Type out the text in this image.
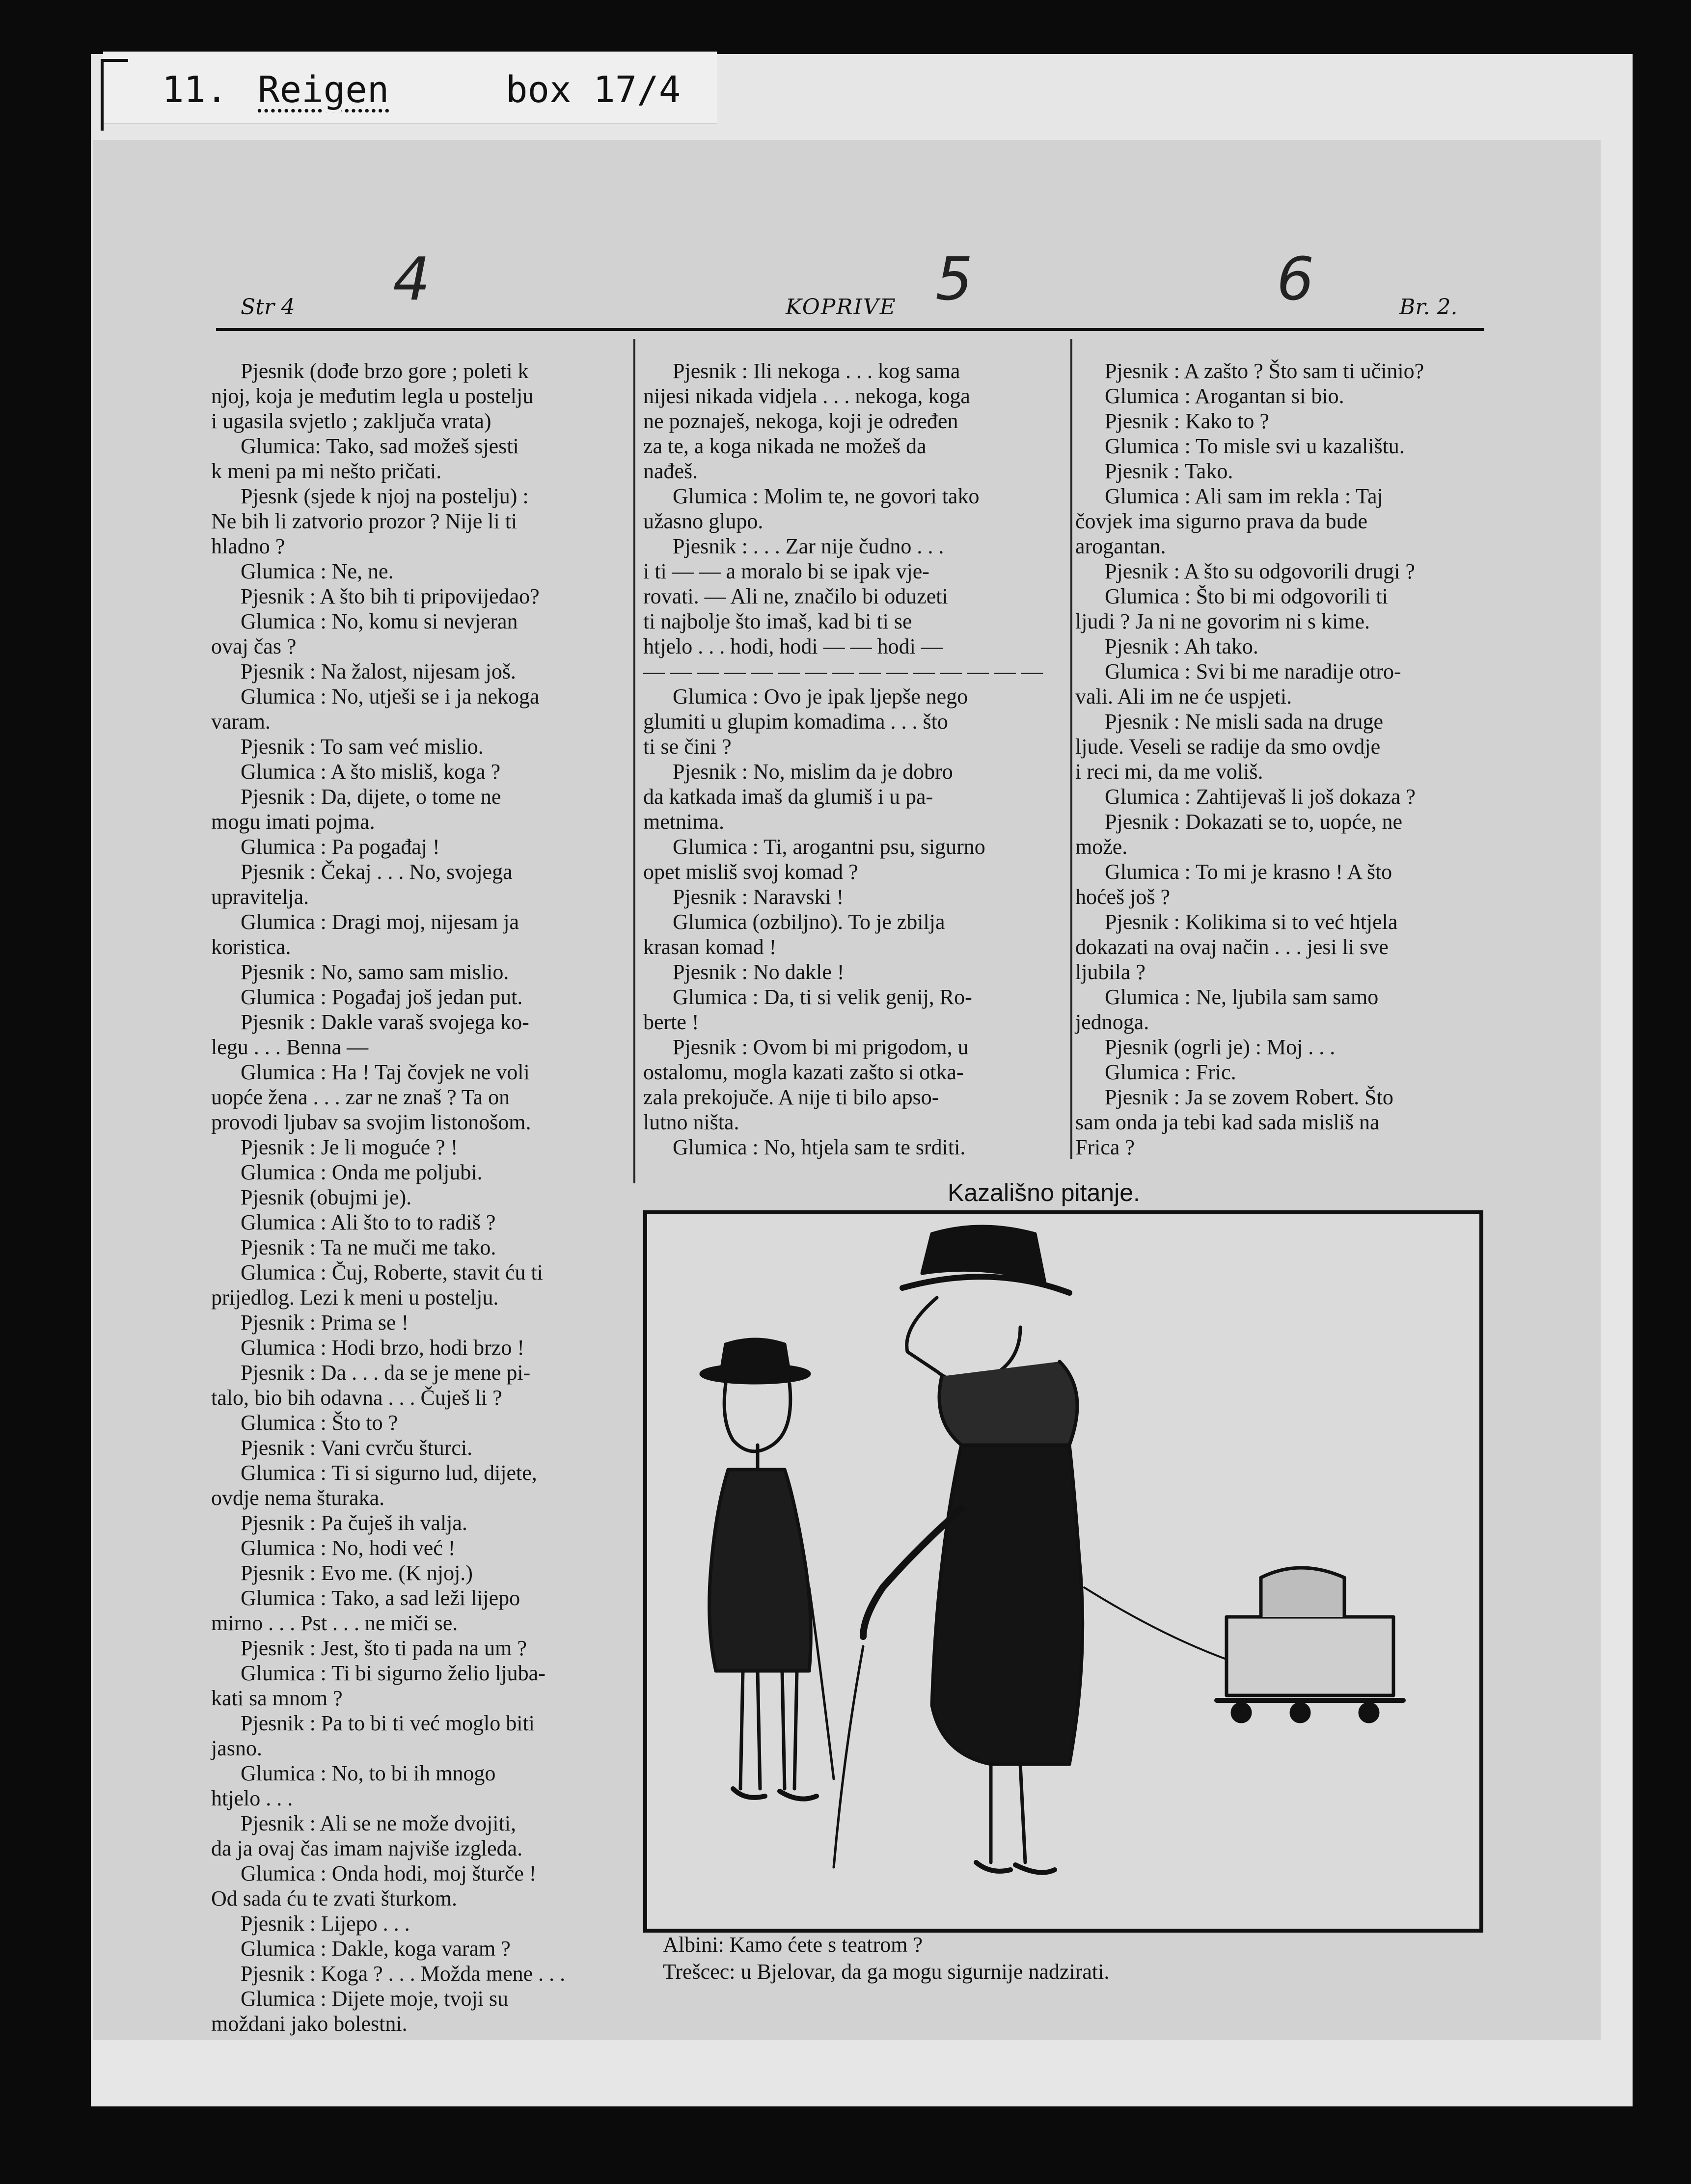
11. Reigen	box 17/4
4	5	6
Str 4	KOPRIVE	Br. 2.
Pjesnik (dođe brzo gore ; poleti k
njoj, koja je međutim legla u postelju
i ugasila svjetlo ; zaključa vrata)
Glumica: Tako, sad možeš sjesti
k meni pa mi nešto pričati.
Pjesnk (sjede k njoj na postelju) :
Ne bih li zatvorio prozor ? Nije li ti
hladno ?
Glumica : Ne, ne.
Pjesnik : A što bih ti pripovijedao?
Glumica : No, komu si nevjeran
ovaj čas ?
Pjesnik : Na žalost, nijesam još.
Glumica : No, utješi se i ja nekoga
varam.
Pjesnik : To sam već mislio.
Glumica : A što misliš, koga ?
Pjesnik : Da, dijete, o tome ne
mogu imati pojma.
Glumica : Pa pogađaj !
Pjesnik : Čekaj . . . No, svojega
upravitelja.
Glumica : Dragi moj, nijesam ja
koristica.
Pjesnik : No, samo sam mislio.
Glumica : Pogađaj još jedan put.
Pjesnik : Dakle varaš svojega ko-
legu . . . Benna —
Glumica : Ha ! Taj čovjek ne voli
uopće žena . . . zar ne znaš ? Ta on
provodi ljubav sa svojim listonošom.
Pjesnik : Je li moguće ? !
Glumica : Onda me poljubi.
Pjesnik (obujmi je).
Glumica : Ali što to to radiš ?
Pjesnik : Ta ne muči me tako.
Glumica : Čuj, Roberte, stavit ću ti
prijedlog. Lezi k meni u postelju.
Pjesnik : Prima se !
Glumica : Hodi brzo, hodi brzo !
Pjesnik : Da . . . da se je mene pi-
talo, bio bih odavna . . . Čuješ li ?
Glumica : Što to ?
Pjesnik : Vani cvrču šturci.
Glumica : Ti si sigurno lud, dijete,
ovdje nema šturaka.
Pjesnik : Pa čuješ ih valja.
Glumica : No, hodi već !
Pjesnik : Evo me. (K njoj.)
Glumica : Tako, a sad leži lijepo
mirno . . . Pst . . . ne miči se.
Pjesnik : Jest, što ti pada na um ?
Glumica : Ti bi sigurno želio ljuba-
kati sa mnom ?
Pjesnik : Pa to bi ti već moglo biti
jasno.
Glumica : No, to bi ih mnogo
htjelo . . .
Pjesnik : Ali se ne može dvojiti,
da ja ovaj čas imam najviše izgleda.
Glumica : Onda hodi, moj šturče !
Od sada ću te zvati šturkom.
Pjesnik : Lijepo . . .
Glumica : Dakle, koga varam ?
Pjesnik : Koga ? . . . Možda mene . . .
Glumica : Dijete moje, tvoji su
moždani jako bolestni.
Pjesnik : Ili nekoga . . . kog sama
nijesi nikada vidjela . . . nekoga, koga
ne poznaješ, nekoga, koji je određen
za te, a koga nikada ne možeš da
nađeš.
Glumica : Molim te, ne govori tako
užasno glupo.
Pjesnik : . . . Zar nije čudno . . .
i ti — — a moralo bi se ipak vje-
rovati. — Ali ne, značilo bi oduzeti
ti najbolje što imaš, kad bi ti se
htjelo . . . hodi, hodi — — hodi —
— — — — — — — — — — — — — — —
Glumica : Ovo je ipak ljepše nego
glumiti u glupim komadima . . . što
ti se čini ?
Pjesnik : No, mislim da je dobro
da katkada imaš da glumiš i u pa-
metnima.
Glumica : Ti, arogantni psu, sigurno
opet misliš svoj komad ?
Pjesnik : Naravski !
Glumica (ozbiljno). To je zbilja
krasan komad !
Pjesnik : No dakle !
Glumica : Da, ti si velik genij, Ro-
berte !
Pjesnik : Ovom bi mi prigodom, u
ostalomu, mogla kazati zašto si otka-
zala prekojuče. A nije ti bilo apso-
lutno ništa.
Glumica : No, htjela sam te srditi.
Pjesnik : A zašto ? Što sam ti učinio?
Glumica : Arogantan si bio.
Pjesnik : Kako to ?
Glumica : To misle svi u kazalištu.
Pjesnik : Tako.
Glumica : Ali sam im rekla : Taj
čovjek ima sigurno prava da bude
arogantan.
Pjesnik : A što su odgovorili drugi ?
Glumica : Što bi mi odgovorili ti
ljudi ? Ja ni ne govorim ni s kime.
Pjesnik : Ah tako.
Glumica : Svi bi me naradije otro-
vali. Ali im ne će uspjeti.
Pjesnik : Ne misli sada na druge
ljude. Veseli se radije da smo ovdje
i reci mi, da me voliš.
Glumica : Zahtijevaš li još dokaza ?
Pjesnik : Dokazati se to, uopće, ne
može.
Glumica : To mi je krasno ! A što
hoćeš još ?
Pjesnik : Kolikima si to već htjela
dokazati na ovaj način . . . jesi li sve
ljubila ?
Glumica : Ne, ljubila sam samo
jednoga.
Pjesnik (ogrli je) : Moj . . .
Glumica : Fric.
Pjesnik : Ja se zovem Robert. Što
sam onda ja tebi kad sada misliš na
Frica ?
Kazališno pitanje.
Albini: Kamo ćete s teatrom ?
Trešcec: u Bjelovar, da ga mogu sigurnije nadzirati.
